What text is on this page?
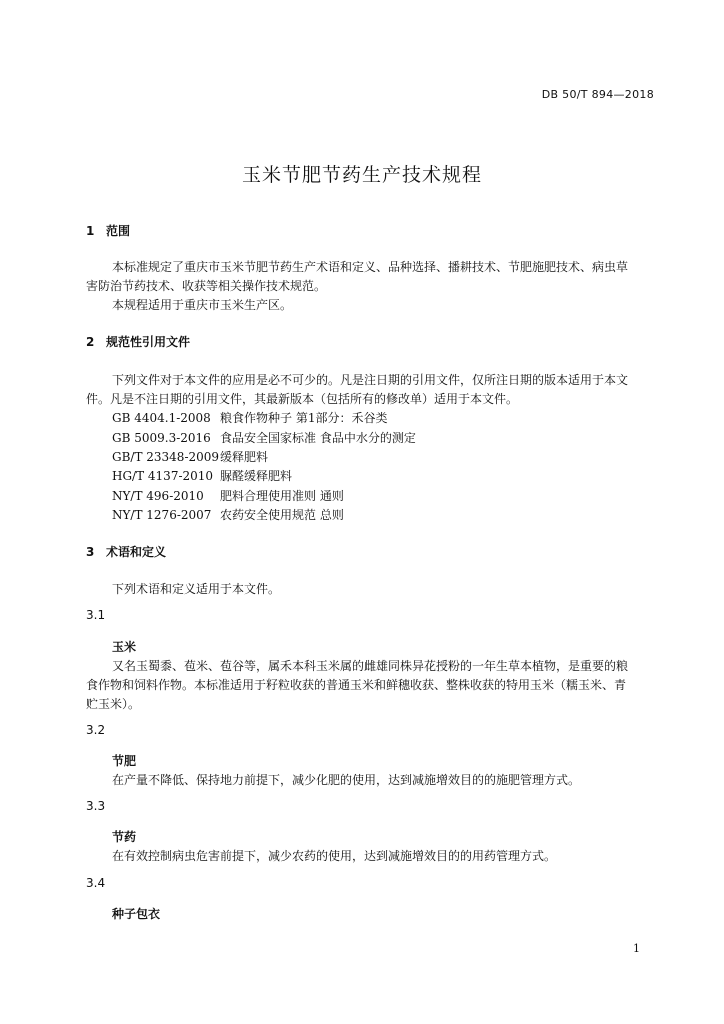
DB 50/T 894—2018
玉米节肥节药生产技术规程
1 范围
本标准规定了重庆市玉米节肥节药生产术语和定义、品种选择、播耕技术、节肥施肥技术、病虫草
害防治节药技术、收获等相关操作技术规范。
本规程适用于重庆市玉米生产区。
2 规范性引用文件
下列文件对于本文件的应用是必不可少的。凡是注日期的引用文件，仅所注日期的版本适用于本文
件。凡是不注日期的引用文件，其最新版本（包括所有的修改单）适用于本文件。
GB 4404.1-2008 粮食作物种子 第1部分：禾谷类
GB 5009.3-2016 食品安全国家标准 食品中水分的测定
GB/T 23348-2009缓释肥料
HG/T 4137-2010 脲醛缓释肥料
NY/T 496-2010 肥料合理使用准则 通则
NY/T 1276-2007 农药安全使用规范 总则
3 术语和定义
下列术语和定义适用于本文件。
3.1
玉米
又名玉蜀黍、苞米、苞谷等，属禾本科玉米属的雌雄同株异花授粉的一年生草本植物，是重要的粮
食作物和饲料作物。本标准适用于籽粒收获的普通玉米和鲜穗收获、整株收获的特用玉米（糯玉米、青
贮玉米）。
3.2
节肥
在产量不降低、保持地力前提下，减少化肥的使用，达到减施增效目的的施肥管理方式。
3.3
节药
在有效控制病虫危害前提下，减少农药的使用，达到减施增效目的的用药管理方式。
3.4
种子包衣
1
